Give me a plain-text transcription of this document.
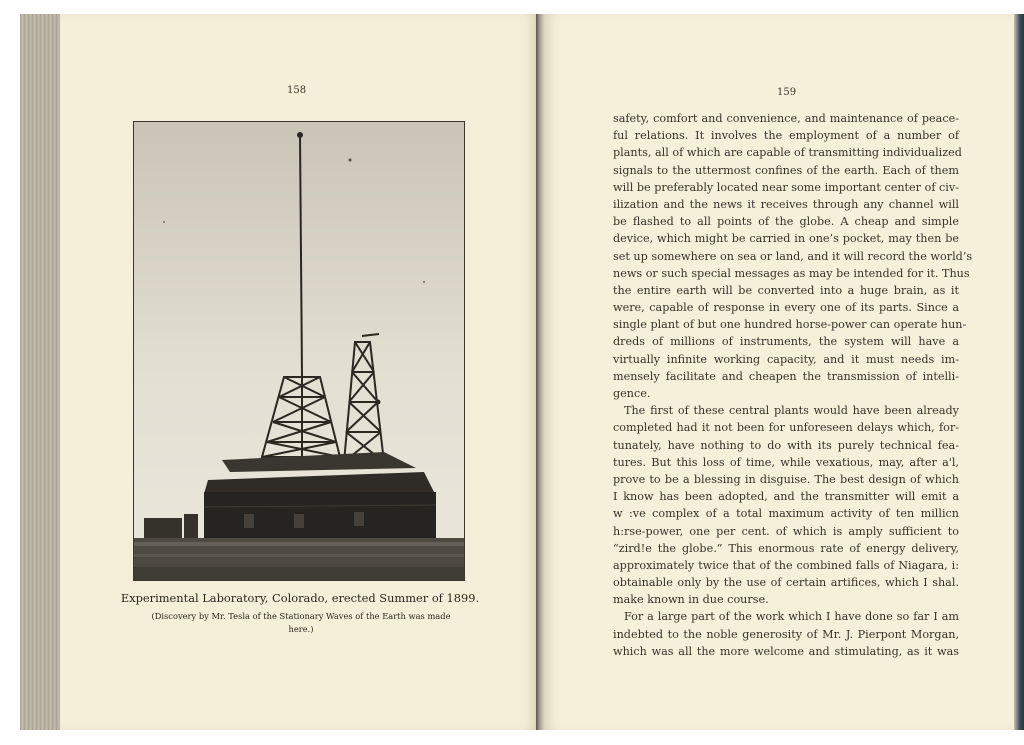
158
Experimental Laboratory, Colorado, erected Summer of 1899.
(Discovery by Mr. Tesla of the Stationary Waves of the Earth was made
here.)
159
safety, comfort and convenience, and maintenance of peace-
ful relations. It involves the employment of a number of
plants, all of which are capable of transmitting individualized
signals to the uttermost confines of the earth. Each of them
will be preferably located near some important center of civ-
ilization and the news it receives through any channel will
be flashed to all points of the globe. A cheap and simple
device, which might be carried in one’s pocket, may then be
set up somewhere on sea or land, and it will record the world’s
news or such special messages as may be intended for it. Thus
the entire earth will be converted into a huge brain, as it
were, capable of response in every one of its parts. Since a
single plant of but one hundred horse-power can operate hun-
dreds of millions of instruments, the system will have a
virtually infinite working capacity, and it must needs im-
mensely facilitate and cheapen the transmission of intelli-
gence.
The first of these central plants would have been already
completed had it not been for unforeseen delays which, for-
tunately, have nothing to do with its purely technical fea-
tures. But this loss of time, while vexatious, may, after a'l,
prove to be a blessing in disguise. The best design of which
I know has been adopted, and the transmitter will emit a
w :ve complex of a total maximum activity of ten millicn
h:rse-power, one per cent. of which is amply sufficient to
“zird!e the globe.” This enormous rate of energy delivery,
approximately twice that of the combined falls of Niagara, i:
obtainable only by the use of certain artifices, which I shal.
make known in due course.
For a large part of the work which I have done so far I am
indebted to the noble generosity of Mr. J. Pierpont Morgan,
which was all the more welcome and stimulating, as it was
